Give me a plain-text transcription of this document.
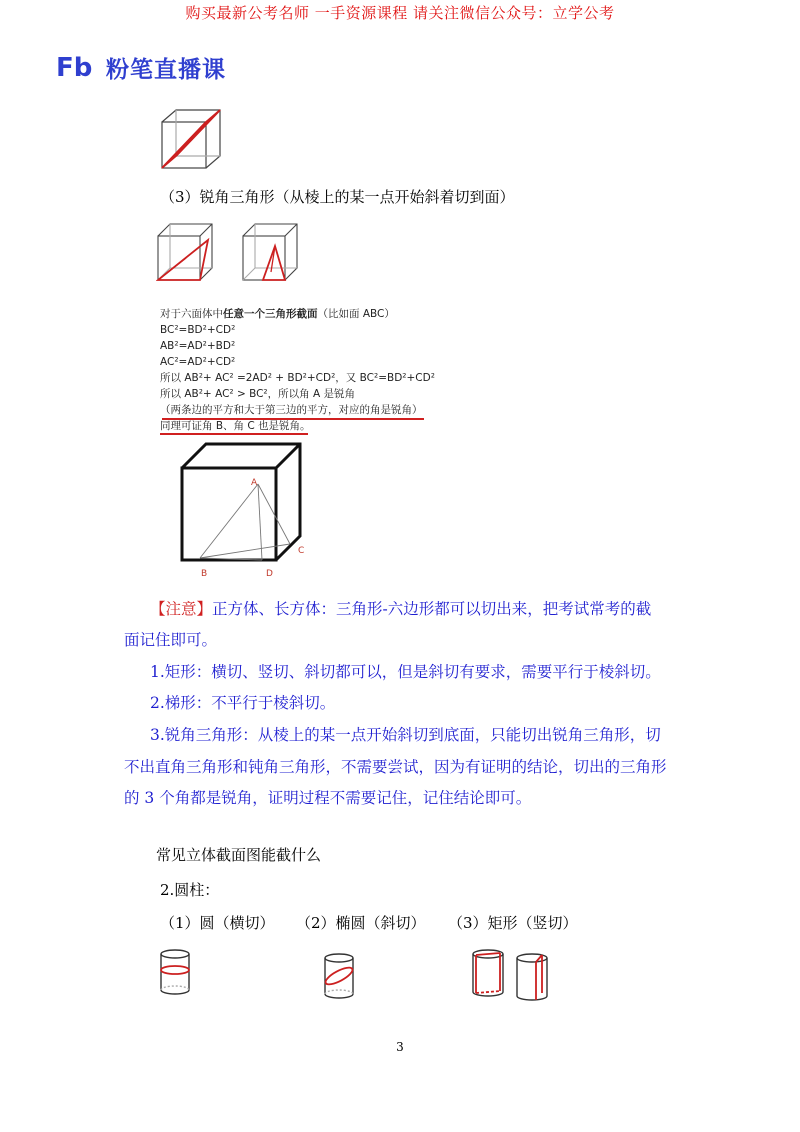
购买最新公考名师 一手资源课程 请关注微信公众号：立学公考
Fb 粉笔直播课
（3）锐角三角形（从棱上的某一点开始斜着切到面）
对于六面体中任意一个三角形截面（比如面 ABC）
BC²=BD²+CD²
AB²=AD²+BD²
AC²=AD²+CD²
所以 AB²+ AC² =2AD² + BD²+CD²，又 BC²=BD²+CD²
所以 AB²+ AC² > BC²，所以角 A 是锐角
（两条边的平方和大于第三边的平方，对应的角是锐角）
同理可证角 B、角 C 也是锐角。
A
C
B	D
【注意】正方体、长方体：三角形-六边形都可以切出来，把考试常考的截
面记住即可。
1.矩形：横切、竖切、斜切都可以，但是斜切有要求，需要平行于棱斜切。
2.梯形：不平行于棱斜切。
3.锐角三角形：从棱上的某一点开始斜切到底面，只能切出锐角三角形，切
不出直角三角形和钝角三角形，不需要尝试，因为有证明的结论，切出的三角形
的 3 个角都是锐角，证明过程不需要记住，记住结论即可。
常见立体截面图能截什么
2.圆柱：
（1）圆（横切） （2）椭圆（斜切） （3）矩形（竖切）
3
